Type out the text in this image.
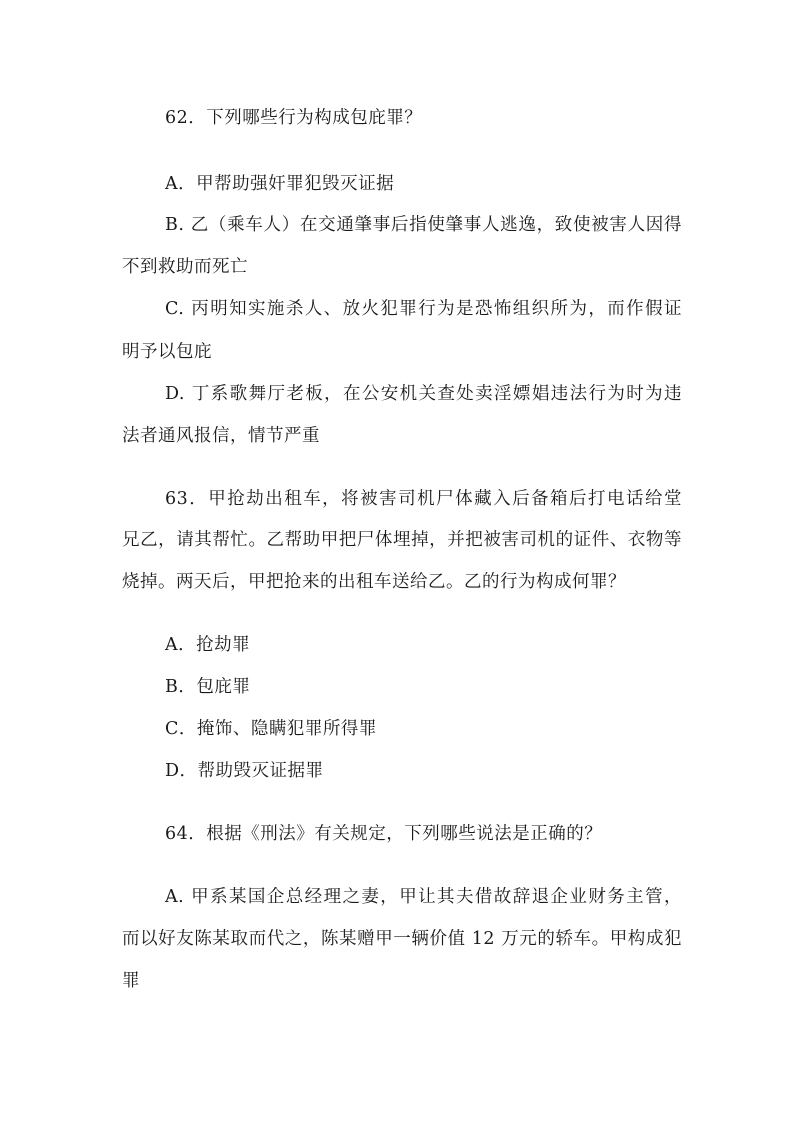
62．下列哪些行为构成包庇罪？
A．甲帮助强奸罪犯毁灭证据
B. 乙（乘车人）在交通肇事后指使肇事人逃逸，致使被害人因得
不到救助而死亡
C. 丙明知实施杀人、放火犯罪行为是恐怖组织所为，而作假证
明予以包庇
D. 丁系歌舞厅老板，在公安机关查处卖淫嫖娼违法行为时为违
法者通风报信，情节严重
63．甲抢劫出租车，将被害司机尸体藏入后备箱后打电话给堂
兄乙，请其帮忙。乙帮助甲把尸体埋掉，并把被害司机的证件、衣物等
烧掉。两天后，甲把抢来的出租车送给乙。乙的行为构成何罪？
A．抢劫罪
B．包庇罪
C．掩饰、隐瞒犯罪所得罪
D．帮助毁灭证据罪
64．根据《刑法》有关规定，下列哪些说法是正确的？
A. 甲系某国企总经理之妻，甲让其夫借故辞退企业财务主管，
而以好友陈某取而代之，陈某赠甲一辆价值 12 万元的轿车。甲构成犯
罪
